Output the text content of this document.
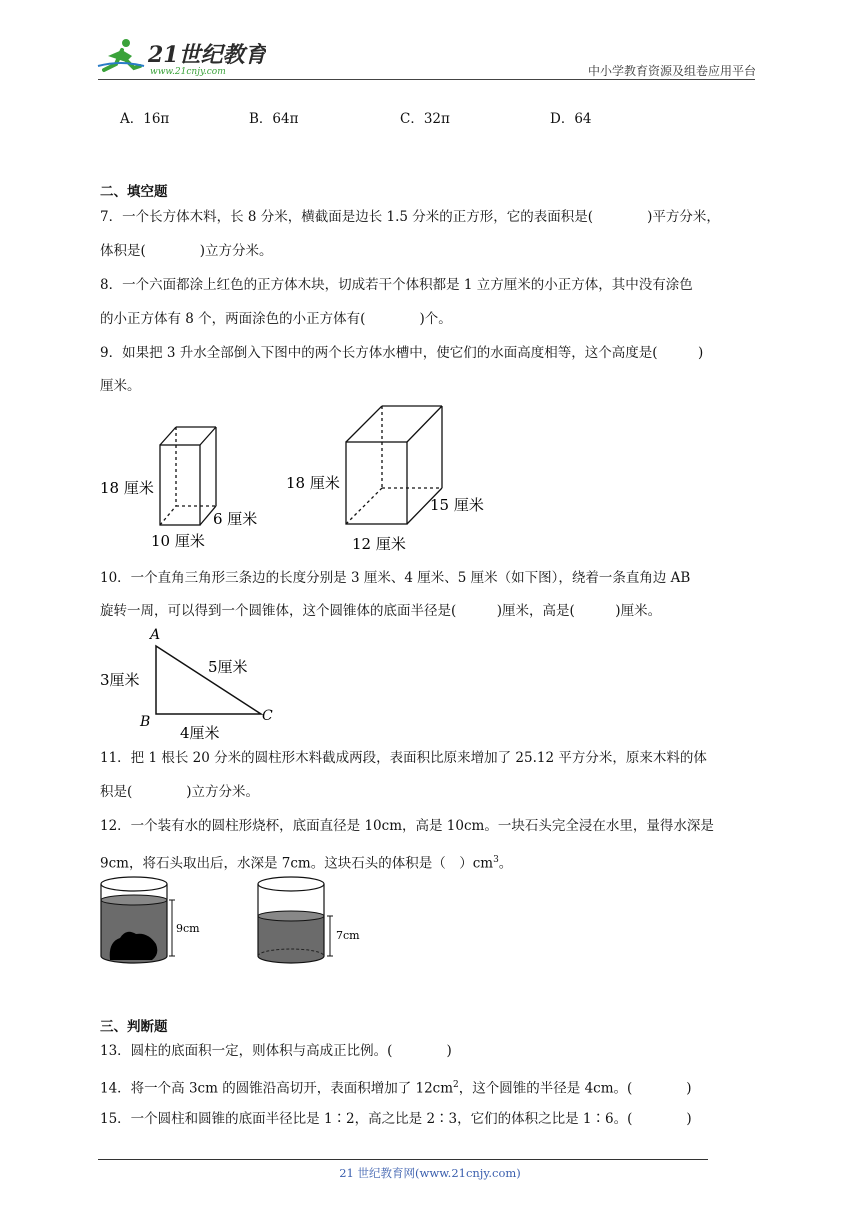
21世纪教育
www.21cnjy.com	中小学教育资源及组卷应用平台
A．16π	B．64π	C．32π	D．64
二、填空题
7．一个长方体木料，长 8 分米，横截面是边长 1.5 分米的正方形，它的表面积是(　　　　)平方分米，
体积是(　　　　)立方分米。
8．一个六面都涂上红色的正方体木块，切成若干个体积都是 1 立方厘米的小正方体，其中没有涂色
的小正方体有 8 个，两面涂色的小正方体有(　　　　)个。
9．如果把 3 升水全部倒入下图中的两个长方体水槽中，使它们的水面高度相等，这个高度是(　　　)
厘米。
18 厘米
6 厘米
10 厘米
18 厘米
15 厘米
12 厘米
10．一个直角三角形三条边的长度分别是 3 厘米、4 厘米、5 厘米（如下图），绕着一条直角边 AB
旋转一周，可以得到一个圆锥体，这个圆锥体的底面半径是(　　　)厘米，高是(　　　)厘米。
A
B	C
3厘米
5厘米
4厘米
11．把 1 根长 20 分米的圆柱形木料截成两段，表面积比原来增加了 25.12 平方分米，原来木料的体
积是(　　　　)立方分米。
12．一个装有水的圆柱形烧杯，底面直径是 10cm，高是 10cm。一块石头完全浸在水里，量得水深是
9cm，将石头取出后，水深是 7cm。这块石头的体积是（　）$cm^3$。
9cm
7cm
三、判断题
13．圆柱的底面积一定，则体积与高成正比例。(　　　　)
14．将一个高 3cm 的圆锥沿高切开，表面积增加了 $12cm^2$，这个圆锥的半径是 4cm。(　　　　)
15．一个圆柱和圆锥的底面半径比是 1∶2，高之比是 2∶3，它们的体积之比是 1∶6。(　　　　)
21 世纪教育网(www.21cnjy.com)
